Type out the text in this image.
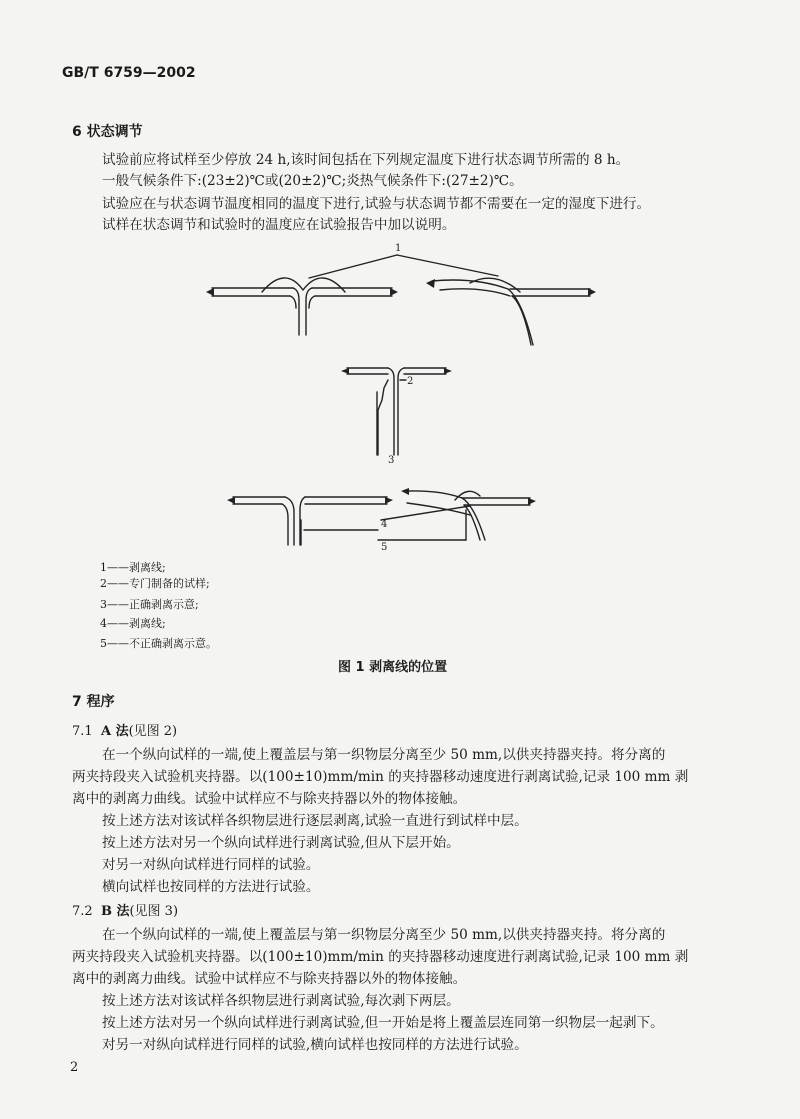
GB/T 6759—2002
6 状态调节
试验前应将试样至少停放 24 h,该时间包括在下列规定温度下进行状态调节所需的 8 h。
一般气候条件下:(23±2)℃或(20±2)℃;炎热气候条件下:(27±2)℃。
试验应在与状态调节温度相同的温度下进行,试验与状态调节都不需要在一定的湿度下进行。
试样在状态调节和试验时的温度应在试验报告中加以说明。
1
2
3
4
5
1——剥离线;
2——专门制备的试样;
3——正确剥离示意;
4——剥离线;
5——不正确剥离示意。
图 1 剥离线的位置
7 程序
7.1 A 法(见图 2)
在一个纵向试样的一端,使上覆盖层与第一织物层分离至少 50 mm,以供夹持器夹持。将分离的
两夹持段夹入试验机夹持器。以(100±10)mm/min 的夹持器移动速度进行剥离试验,记录 100 mm 剥
离中的剥离力曲线。试验中试样应不与除夹持器以外的物体接触。
按上述方法对该试样各织物层进行逐层剥离,试验一直进行到试样中层。
按上述方法对另一个纵向试样进行剥离试验,但从下层开始。
对另一对纵向试样进行同样的试验。
横向试样也按同样的方法进行试验。
7.2 B 法(见图 3)
在一个纵向试样的一端,使上覆盖层与第一织物层分离至少 50 mm,以供夹持器夹持。将分离的
两夹持段夹入试验机夹持器。以(100±10)mm/min 的夹持器移动速度进行剥离试验,记录 100 mm 剥
离中的剥离力曲线。试验中试样应不与除夹持器以外的物体接触。
按上述方法对该试样各织物层进行剥离试验,每次剥下两层。
按上述方法对另一个纵向试样进行剥离试验,但一开始是将上覆盖层连同第一织物层一起剥下。
对另一对纵向试样进行同样的试验,横向试样也按同样的方法进行试验。
2
